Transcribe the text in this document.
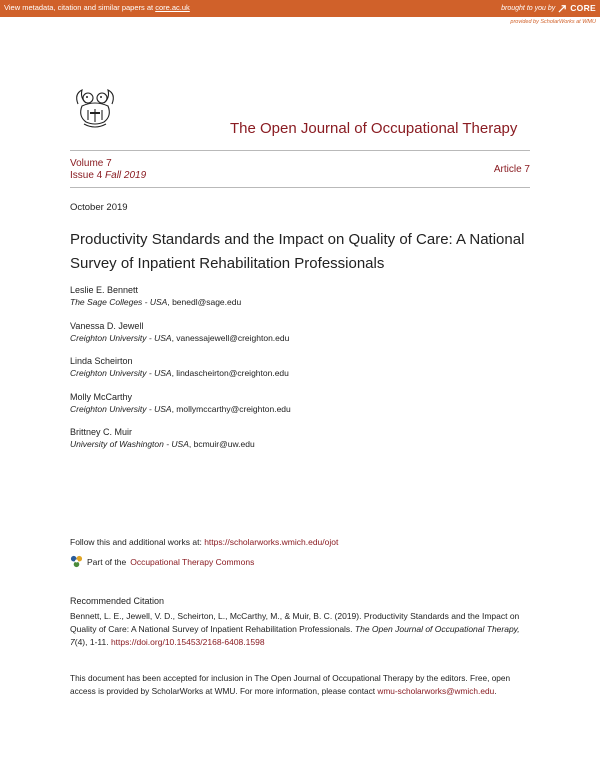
View metadata, citation and similar papers at core.ac.uk	brought to you by CORE
provided by ScholarWorks at WMU
The Open Journal of Occupational Therapy
Volume 7
Issue 4 Fall 2019
Article 7
October 2019
Productivity Standards and the Impact on Quality of Care: A National Survey of Inpatient Rehabilitation Professionals
Leslie E. Bennett
The Sage Colleges - USA, benedl@sage.edu
Vanessa D. Jewell
Creighton University - USA, vanessajewell@creighton.edu
Linda Scheirton
Creighton University - USA, lindascheirton@creighton.edu
Molly McCarthy
Creighton University - USA, mollymccarthy@creighton.edu
Brittney C. Muir
University of Washington - USA, bcmuir@uw.edu
Follow this and additional works at: https://scholarworks.wmich.edu/ojot
Part of the Occupational Therapy Commons
Recommended Citation
Bennett, L. E., Jewell, V. D., Scheirton, L., McCarthy, M., & Muir, B. C. (2019). Productivity Standards and the Impact on Quality of Care: A National Survey of Inpatient Rehabilitation Professionals. The Open Journal of Occupational Therapy, 7(4), 1-11. https://doi.org/10.15453/2168-6408.1598
This document has been accepted for inclusion in The Open Journal of Occupational Therapy by the editors. Free, open access is provided by ScholarWorks at WMU. For more information, please contact wmu-scholarworks@wmich.edu.
